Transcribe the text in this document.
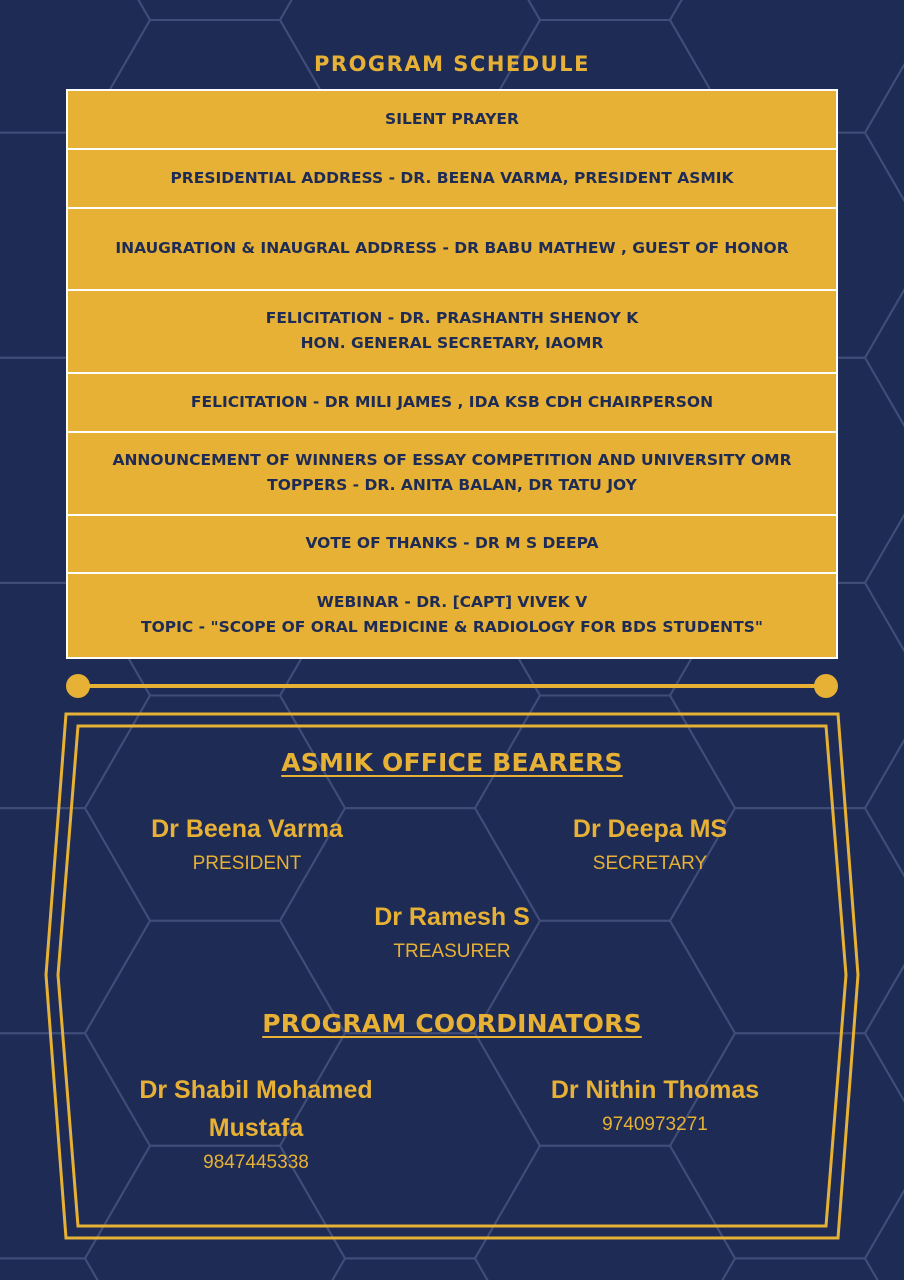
PROGRAM SCHEDULE
SILENT PRAYER
PRESIDENTIAL ADDRESS - DR. BEENA VARMA, PRESIDENT ASMIK
INAUGRATION & INAUGRAL ADDRESS - DR BABU MATHEW , GUEST OF HONOR
FELICITATION - DR. PRASHANTH SHENOY K
HON. GENERAL SECRETARY, IAOMR
FELICITATION - DR MILI JAMES , IDA KSB CDH CHAIRPERSON
ANNOUNCEMENT OF WINNERS OF ESSAY COMPETITION AND UNIVERSITY OMR
TOPPERS - DR. ANITA BALAN, DR TATU JOY
VOTE OF THANKS - DR M S DEEPA
WEBINAR - DR. [CAPT] VIVEK V
TOPIC - "SCOPE OF ORAL MEDICINE & RADIOLOGY FOR BDS STUDENTS"
ASMIK OFFICE BEARERS
Dr Beena Varma
PRESIDENT
Dr Deepa MS
SECRETARY
Dr Ramesh S
TREASURER
PROGRAM COORDINATORS
Dr Shabil Mohamed
Mustafa
9847445338
Dr Nithin Thomas
9740973271
